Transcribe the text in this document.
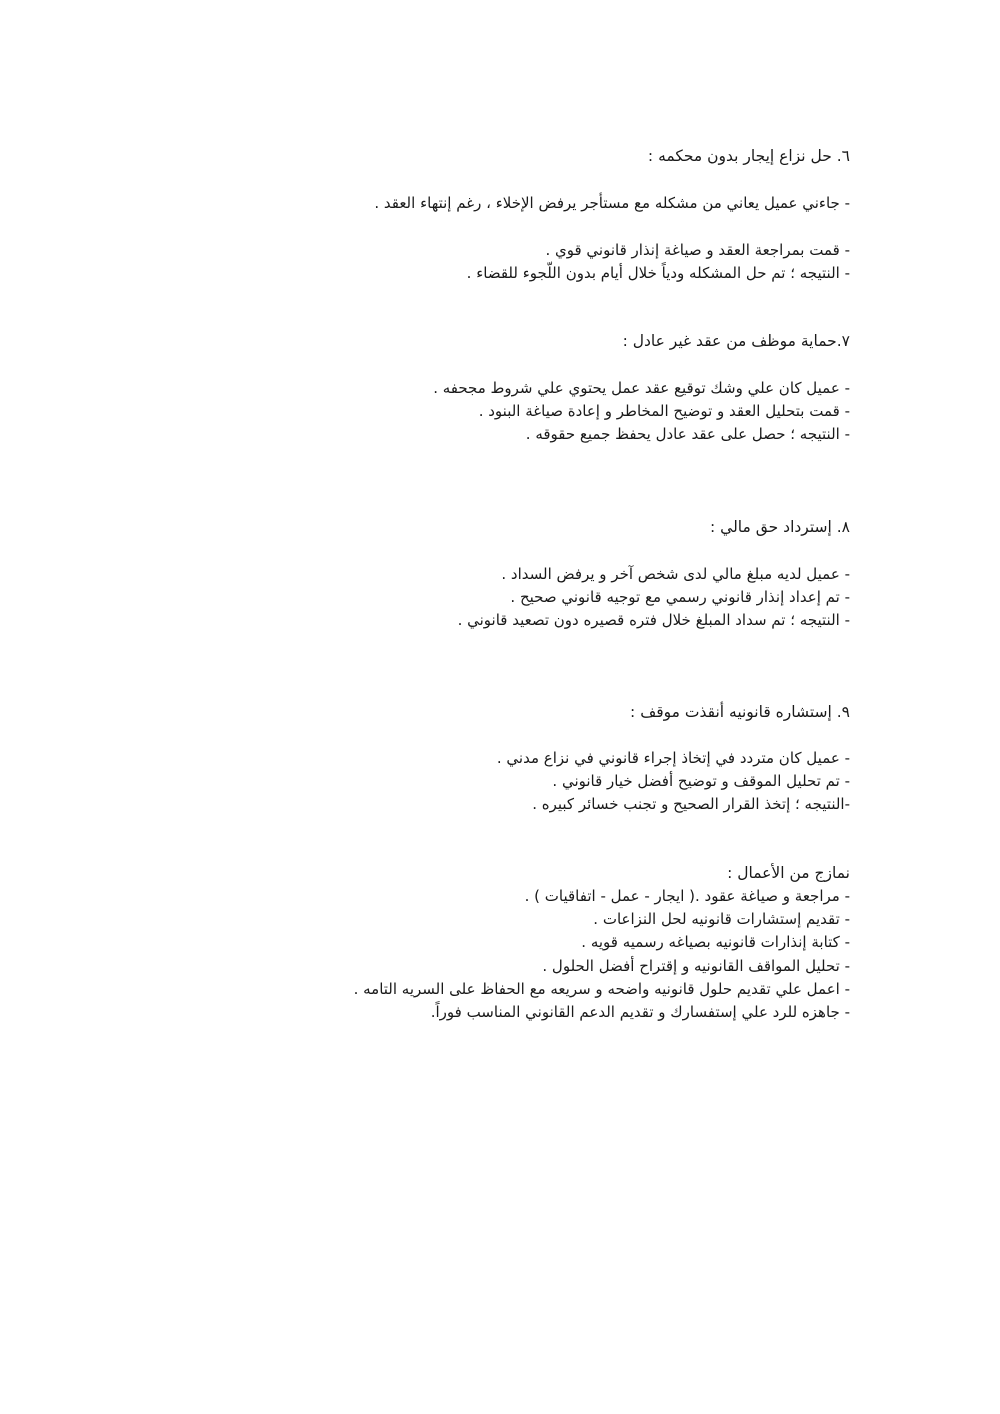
٦. حل نزاع إيجار بدون محكمه :

- جاءني عميل يعاني من مشكله مع مستأجر يرفض الإخلاء ، رغم إنتهاء العقد .

- قمت بمراجعة العقد و صياغة إنذار قانوني قوي .

- النتيجه ؛ تم حل المشكله ودياً خلال أيام بدون اللّجوء للقضاء .

٧.حماية موظف من عقد غير عادل :

- عميل كان علي وشك توقيع عقد عمل يحتوي علي شروط مجحفه .

- قمت بتحليل العقد و توضيح المخاطر و إعادة صياغة البنود .

- النتيجه ؛ حصل على عقد عادل يحفظ جميع حقوقه .

٨. إسترداد حق مالي :

- عميل لديه مبلغ مالي لدى شخص آخر و يرفض السداد .

- تم إعداد إنذار قانوني رسمي مع توجيه قانوني صحيح .

- النتيجه ؛ تم سداد المبلغ خلال فتره قصيره دون تصعيد قانوني .

٩. إستشاره قانونيه أنقذت موقف :

- عميل كان متردد في إتخاذ إجراء قانوني في نزاع مدني .

- تم تحليل الموقف و توضيح أفضل خيار قانوني .

-النتيجه ؛ إتخذ القرار الصحيح و تجنب خسائر كبيره .

نمازج من الأعمال :

- مراجعة و صياغة عقود .( ايجار - عمل - اتفاقيات ) .

- تقديم إستشارات قانونيه لحل النزاعات .

- كتابة إنذارات قانونيه بصياغه رسميه قويه .

- تحليل المواقف القانونيه و إقتراح أفضل الحلول .

- اعمل علي تقديم حلول قانونيه واضحه و سريعه مع الحفاظ على السريه التامه .

- جاهزه للرد علي إستفسارك و تقديم الدعم القانوني المناسب فوراً.
